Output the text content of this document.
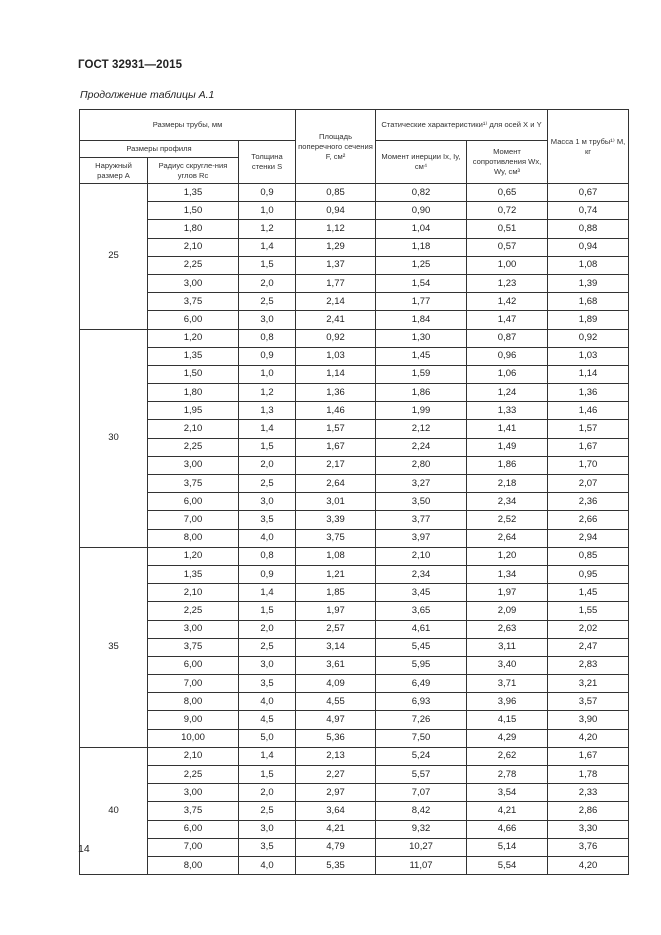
ГОСТ 32931—2015
Продолжение таблицы А.1
Размеры трубы, мм			Площадь поперечного сечения F, см²	Статические характеристики¹⁾ для осей X и Y		Масса 1 м трубы¹⁾ M, кг
Размеры профиля		Толщина стенки S		Момент инерции Ix, Iy, см⁴	Момент сопротивления Wx, Wy, см³	
Наружный размер A	Радиус скругле-ния углов Rс					
25	1,35	0,9	0,85	0,82	0,65	0,67
	1,50	1,0	0,94	0,90	0,72	0,74
	1,80	1,2	1,12	1,04	0,51	0,88
	2,10	1,4	1,29	1,18	0,57	0,94
	2,25	1,5	1,37	1,25	1,00	1,08
	3,00	2,0	1,77	1,54	1,23	1,39
	3,75	2,5	2,14	1,77	1,42	1,68
	6,00	3,0	2,41	1,84	1,47	1,89
30	1,20	0,8	0,92	1,30	0,87	0,92
	1,35	0,9	1,03	1,45	0,96	1,03
	1,50	1,0	1,14	1,59	1,06	1,14
	1,80	1,2	1,36	1,86	1,24	1,36
	1,95	1,3	1,46	1,99	1,33	1,46
	2,10	1,4	1,57	2,12	1,41	1,57
	2,25	1,5	1,67	2,24	1,49	1,67
	3,00	2,0	2,17	2,80	1,86	1,70
	3,75	2,5	2,64	3,27	2,18	2,07
	6,00	3,0	3,01	3,50	2,34	2,36
	7,00	3,5	3,39	3,77	2,52	2,66
	8,00	4,0	3,75	3,97	2,64	2,94
35	1,20	0,8	1,08	2,10	1,20	0,85
	1,35	0,9	1,21	2,34	1,34	0,95
	2,10	1,4	1,85	3,45	1,97	1,45
	2,25	1,5	1,97	3,65	2,09	1,55
	3,00	2,0	2,57	4,61	2,63	2,02
	3,75	2,5	3,14	5,45	3,11	2,47
	6,00	3,0	3,61	5,95	3,40	2,83
	7,00	3,5	4,09	6,49	3,71	3,21
	8,00	4,0	4,55	6,93	3,96	3,57
	9,00	4,5	4,97	7,26	4,15	3,90
	10,00	5,0	5,36	7,50	4,29	4,20
40	2,10	1,4	2,13	5,24	2,62	1,67
	2,25	1,5	2,27	5,57	2,78	1,78
	3,00	2,0	2,97	7,07	3,54	2,33
	3,75	2,5	3,64	8,42	4,21	2,86
	6,00	3,0	4,21	9,32	4,66	3,30
	7,00	3,5	4,79	10,27	5,14	3,76
	8,00	4,0	5,35	11,07	5,54	4,20
14
